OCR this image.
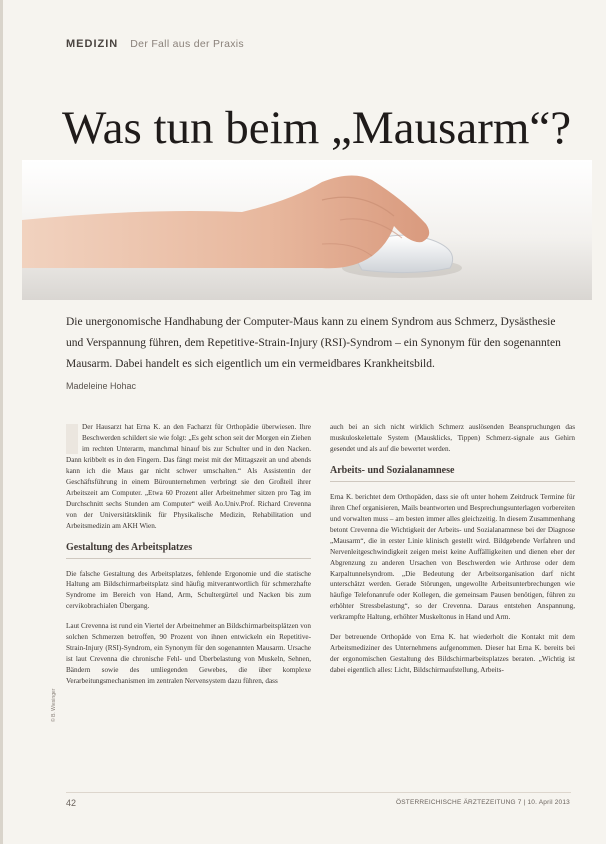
MEDIZIN Der Fall aus der Praxis
Was tun beim „Mausarm“?
Die unergonomische Handhabung der Computer-Maus kann zu einem Syndrom aus Schmerz, Dysästhesie und Verspannung führen, dem Repetitive-Strain-Injury (RSI)-Syndrom – ein Synonym für den sogenannten Mausarm. Dabei handelt es sich eigentlich um ein vermeidbares Krankheitsbild.
Madeleine Hohac

Der Hausarzt hat Erna K. an den Facharzt für Orthopädie überwiesen. Ihre Beschwerden schildert sie wie folgt: „Es geht schon seit der Morgen ein Ziehen im rechten Unterarm, manchmal hinauf bis zur Schulter und in den Nacken. Dann kribbelt es in den Fingern. Das fängt meist mit der Mittagszeit an und abends kann ich die Maus gar nicht schwer umschalten.“ Als Assistentin der Geschäftsführung in einem Bürounternehmen verbringt sie den Großteil ihrer Arbeitszeit am Computer. „Etwa 60 Prozent aller Arbeitnehmer sitzen pro Tag im Durchschnitt sechs Stunden am Computer“ weiß Ao.Univ.Prof. Richard Crevenna von der Universitätsklinik für Physikalische Medizin, Rehabilitation und Arbeitsmedizin am AKH Wien.

Gestaltung des Arbeitsplatzes

Die falsche Gestaltung des Arbeitsplatzes, fehlende Ergonomie und die statische Haltung am Bildschirmarbeitsplatz sind häufig mitverantwortlich für schmerzhafte Syndrome im Bereich von Hand, Arm, Schultergürtel und Nacken bis zum cervikobrachialen Übergang.

Laut Crevenna ist rund ein Viertel der Arbeitnehmer an Bildschirmarbeitsplätzen von solchen Schmerzen betroffen, 90 Prozent von ihnen entwickeln ein Repetitive-Strain-Injury (RSI)-Syndrom, ein Synonym für den sogenannten Mausarm. Ursache ist laut Crevenna die chronische Fehl- und Überbelastung von Muskeln, Sehnen, Bändern sowie des umliegenden Gewebes, die über komplexe Verarbeitungsmechanismen im zentralen Nervensystem dazu führen, dass

auch bei an sich nicht wirklich Schmerz auslösenden Beanspruchungen das muskuloskelettale System (Mausklicks, Tippen) Schmerz-signale aus Gehirn gesendet und als auf die bewertet werden.

Arbeits- und Sozialanamnese

Erna K. berichtet dem Orthopäden, dass sie oft unter hohem Zeitdruck Termine für ihren Chef organisieren, Mails beantworten und Besprechungsunterlagen vorbereiten und vorwalten muss – am besten immer alles gleichzeitig. In diesem Zusammenhang betont Crevenna die Wichtigkeit der Arbeits- und Sozialanamnese bei der Diagnose „Mausarm“, die in erster Linie klinisch gestellt wird. Bildgebende Verfahren und Nervenleitgeschwindigkeit zeigen meist keine Auffälligkeiten und dienen eher der Abgrenzung zu anderen Ursachen von Beschwerden wie Arthrose oder dem Karpaltunnelsyndrom. „Die Bedeutung der Arbeitsorganisation darf nicht unterschätzt werden. Gerade Störungen, ungewollte Arbeitsunterbrechungen wie häufige Telefonanrufe oder Kollegen, die gemeinsam Pausen benötigen, führen zu erhöhter Stressbelastung“, so der Crevenna. Daraus entstehen Anspannung, verkrampfte Haltung, erhöhter Muskeltonus in Hand und Arm.

Der betreuende Orthopäde von Erna K. hat wiederholt die Kontakt mit dem Arbeitsmediziner des Unternehmens aufgenommen. Dieser hat Erna K. bereits bei der ergonomischen Gestaltung des Bildschirmarbeitsplatzes beraten. „Wichtig ist dabei eigentlich alles: Licht, Bildschirmaufstellung, Arbeits-

© B. Wiesinger
42	ÖSTERREICHISCHE ÄRZTEZEITUNG 7 | 10. April 2013
